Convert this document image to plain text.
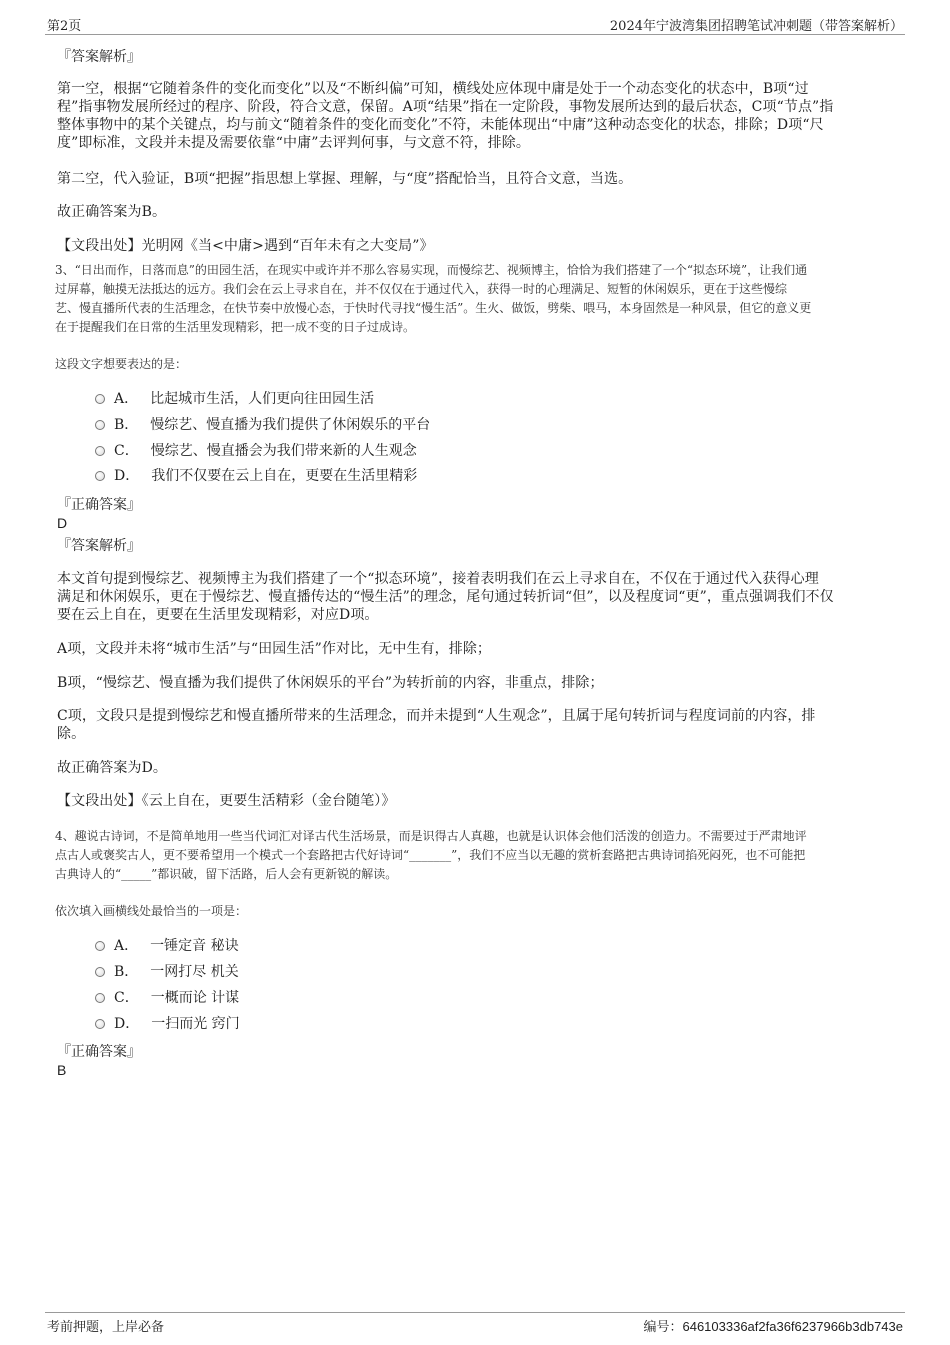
第2页	2024年宁波湾集团招聘笔试冲刺题（带答案解析）
『答案解析』
第一空，根据“它随着条件的变化而变化”以及“不断纠偏”可知，横线处应体现中庸是处于一个动态变化的状态中，B项“过
程”指事物发展所经过的程序、阶段，符合文意，保留。A项“结果”指在一定阶段，事物发展所达到的最后状态，C项“节点”指
整体事物中的某个关键点，均与前文“随着条件的变化而变化”不符，未能体现出“中庸”这种动态变化的状态，排除；D项“尺
度”即标准，文段并未提及需要依靠“中庸”去评判何事，与文意不符，排除。
第二空，代入验证，B项“把握”指思想上掌握、理解，与“度”搭配恰当，且符合文意，当选。
故正确答案为B。
【文段出处】光明网《当<中庸>遇到“百年未有之大变局”》
3、“日出而作，日落而息”的田园生活，在现实中或许并不那么容易实现，而慢综艺、视频博主，恰恰为我们搭建了一个“拟态环境”，让我们通
过屏幕，触摸无法抵达的远方。我们会在云上寻求自在，并不仅仅在于通过代入，获得一时的心理满足、短暂的休闲娱乐，更在于这些慢综
艺、慢直播所代表的生活理念，在快节奏中放慢心态，于快时代寻找“慢生活”。生火、做饭，劈柴、喂马，本身固然是一种风景，但它的意义更
在于提醒我们在日常的生活里发现精彩，把一成不变的日子过成诗。
这段文字想要表达的是：
A． 比起城市生活，人们更向往田园生活
B． 慢综艺、慢直播为我们提供了休闲娱乐的平台
C． 慢综艺、慢直播会为我们带来新的人生观念
D． 我们不仅要在云上自在，更要在生活里精彩
『正确答案』
D
『答案解析』
本文首句提到慢综艺、视频博主为我们搭建了一个“拟态环境”，接着表明我们在云上寻求自在，不仅在于通过代入获得心理
满足和休闲娱乐，更在于慢综艺、慢直播传达的“慢生活”的理念，尾句通过转折词“但”，以及程度词“更”，重点强调我们不仅
要在云上自在，更要在生活里发现精彩，对应D项。
A项，文段并未将“城市生活”与“田园生活”作对比，无中生有，排除；
B项，“慢综艺、慢直播为我们提供了休闲娱乐的平台”为转折前的内容，非重点，排除；
C项，文段只是提到慢综艺和慢直播所带来的生活理念，而并未提到“人生观念”，且属于尾句转折词与程度词前的内容，排
除。
故正确答案为D。
【文段出处】《云上自在，更要生活精彩（金台随笔）》
4、趣说古诗词，不是简单地用一些当代词汇对译古代生活场景，而是识得古人真趣，也就是认识体会他们活泼的创造力。不需要过于严肃地评
点古人或褒奖古人，更不要希望用一个模式一个套路把古代好诗词“_______”，我们不应当以无趣的赏析套路把古典诗词掐死闷死，也不可能把
古典诗人的“_____”都识破，留下活路，后人会有更新锐的解读。
依次填入画横线处最恰当的一项是：
A． 一锤定音 秘诀
B． 一网打尽 机关
C． 一概而论 计谋
D． 一扫而光 窍门
『正确答案』
B
考前押题，上岸必备	编号：646103336af2fa36f6237966b3db743e
